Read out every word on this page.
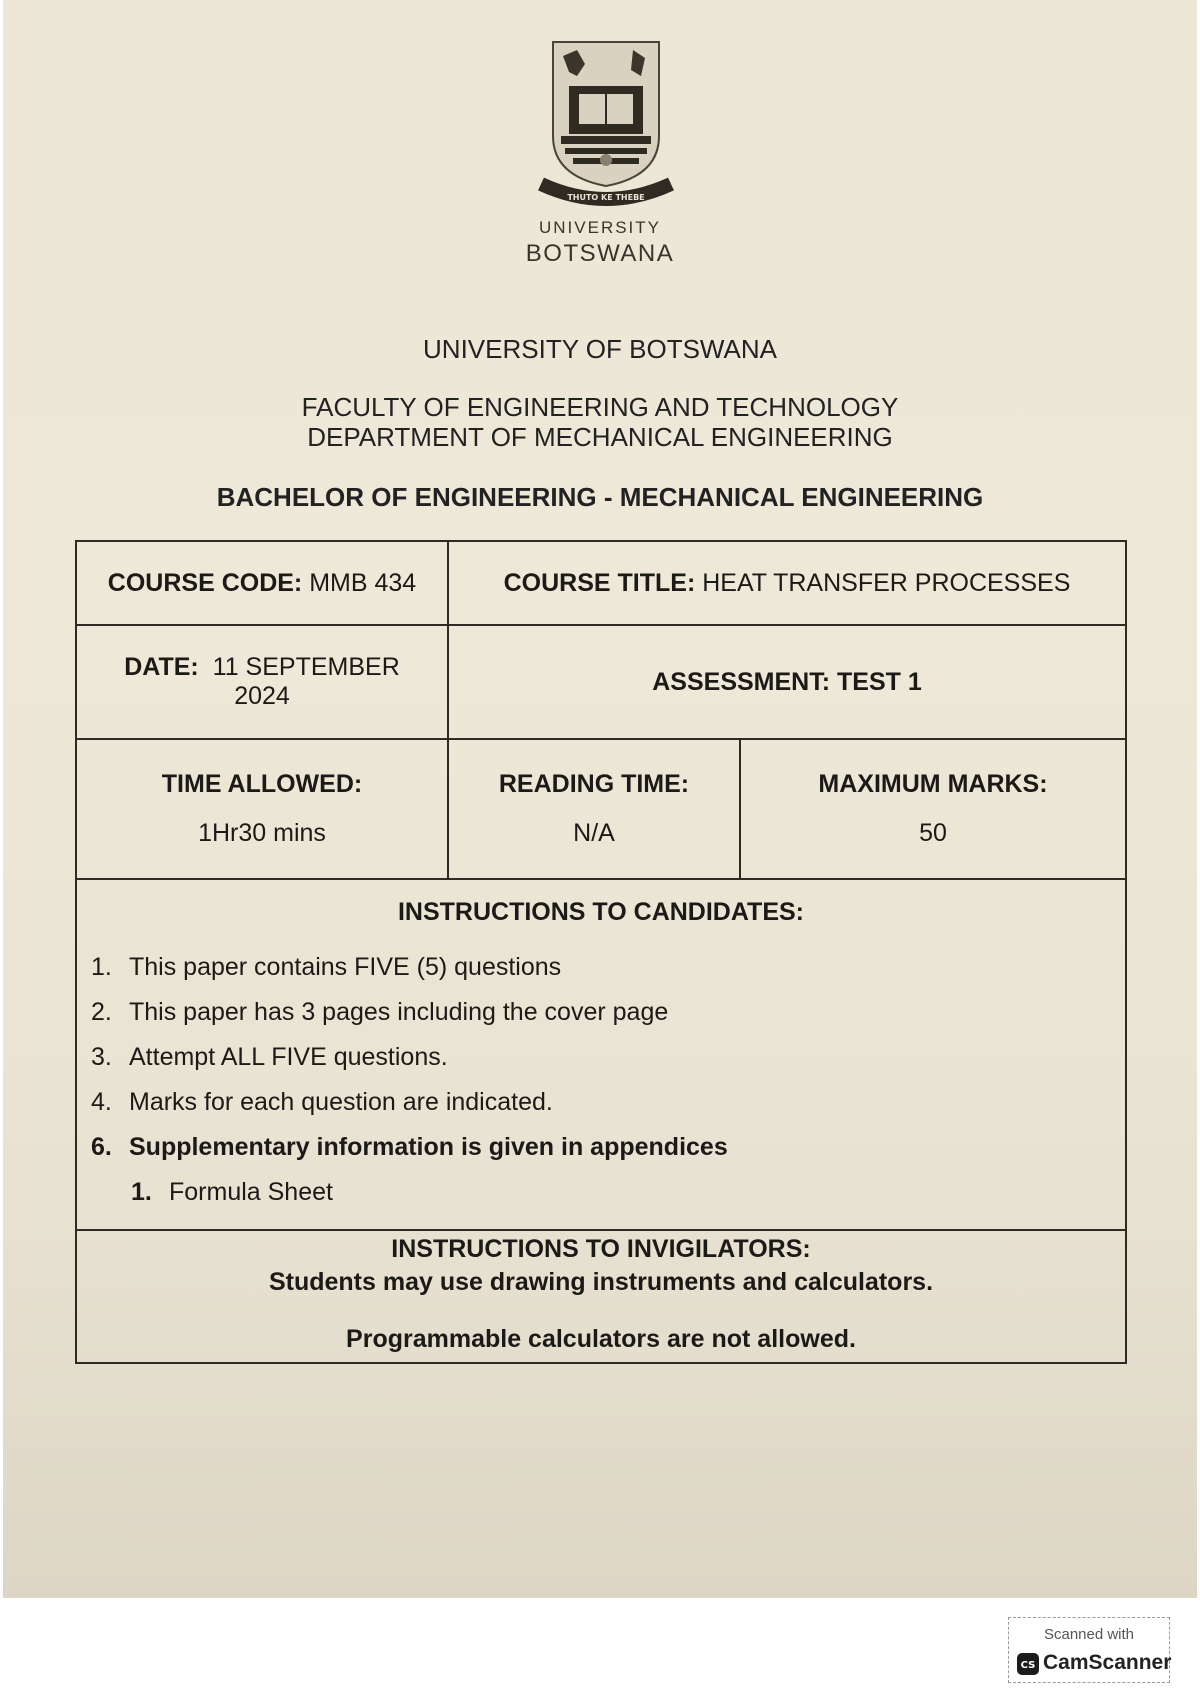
THUTO KE THEBE
UNIVERSITY
BOTSWANA
UNIVERSITY OF BOTSWANA
FACULTY OF ENGINEERING AND TECHNOLOGY
DEPARTMENT OF MECHANICAL ENGINEERING
BACHELOR OF ENGINEERING - MECHANICAL ENGINEERING
COURSE CODE:
MMB 434	COURSE TITLE:
HEAT TRANSFER PROCESSES
DATE: 11 SEPTEMBER
2024
ASSESSMENT:
TEST 1
TIME ALLOWED:
1Hr30 mins
READING TIME:
N/A
MAXIMUM MARKS:
50
INSTRUCTIONS TO CANDIDATES:
1. This paper contains FIVE (5) questions
2. This paper has 3 pages including the cover page
3. Attempt ALL FIVE questions.
4. Marks for each question are indicated.
6. Supplementary information is given in appendices
1. Formula Sheet
INSTRUCTIONS TO INVIGILATORS:
Students may use drawing instruments and calculators.
Programmable calculators are not allowed.
Scanned with
CS CamScanner
